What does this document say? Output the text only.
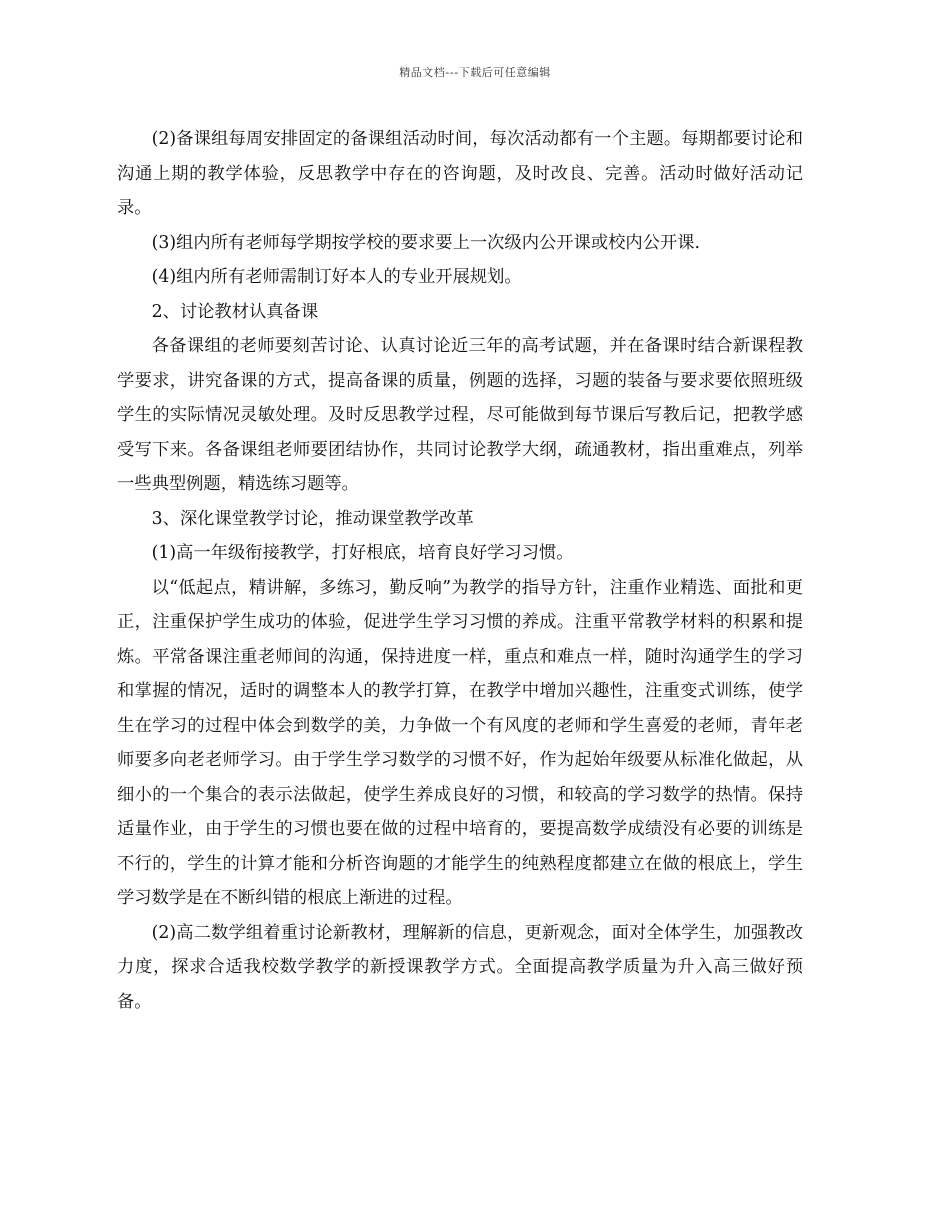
精品文档---下载后可任意编辑

(2)备课组每周安排固定的备课组活动时间，每次活动都有一个主题。每期都要讨论和沟通上期的教学体验，反思教学中存在的咨询题，及时改良、完善。活动时做好活动记录。

(3)组内所有老师每学期按学校的要求要上一次级内公开课或校内公开课.

(4)组内所有老师需制订好本人的专业开展规划。

2、讨论教材认真备课

各备课组的老师要刻苦讨论、认真讨论近三年的高考试题，并在备课时结合新课程教学要求，讲究备课的方式，提高备课的质量，例题的选择，习题的装备与要求要依照班级学生的实际情况灵敏处理。及时反思教学过程，尽可能做到每节课后写教后记，把教学感受写下来。各备课组老师要团结协作，共同讨论教学大纲，疏通教材，指出重难点，列举一些典型例题，精选练习题等。

3、深化课堂教学讨论，推动课堂教学改革

(1)高一年级衔接教学，打好根底，培育良好学习习惯。

以“低起点，精讲解，多练习，勤反响”为教学的指导方针，注重作业精选、面批和更正，注重保护学生成功的体验，促进学生学习习惯的养成。注重平常教学材料的积累和提炼。平常备课注重老师间的沟通，保持进度一样，重点和难点一样，随时沟通学生的学习和掌握的情况，适时的调整本人的教学打算，在教学中增加兴趣性，注重变式训练，使学生在学习的过程中体会到数学的美，力争做一个有风度的老师和学生喜爱的老师，青年老师要多向老老师学习。由于学生学习数学的习惯不好，作为起始年级要从标准化做起，从细小的一个集合的表示法做起，使学生养成良好的习惯，和较高的学习数学的热情。保持适量作业，由于学生的习惯也要在做的过程中培育的，要提高数学成绩没有必要的训练是不行的，学生的计算才能和分析咨询题的才能学生的纯熟程度都建立在做的根底上，学生学习数学是在不断纠错的根底上渐进的过程。

(2)高二数学组着重讨论新教材，理解新的信息，更新观念，面对全体学生，加强教改力度，探求合适我校数学教学的新授课教学方式。全面提高教学质量为升入高三做好预备。
